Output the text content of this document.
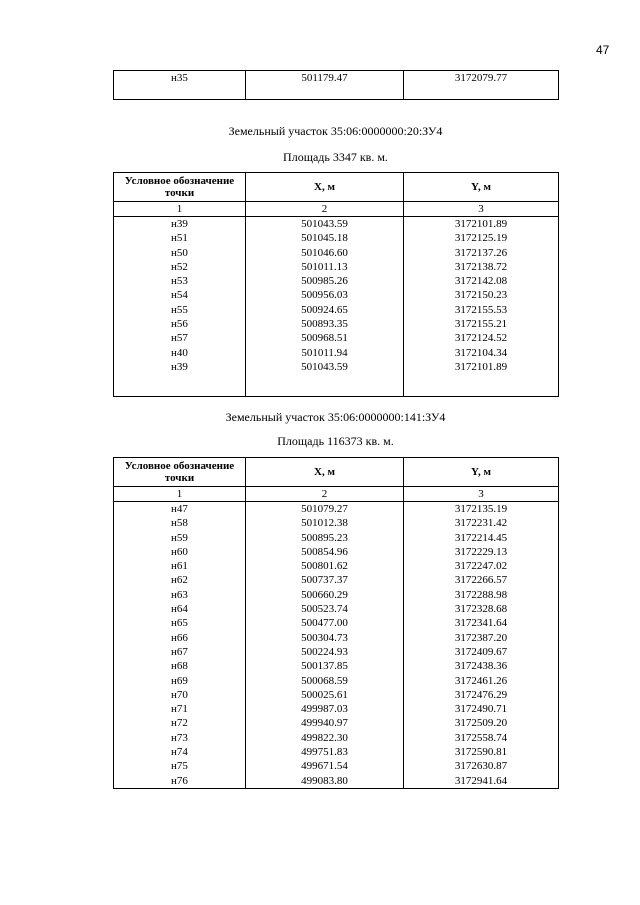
47
н35	501179.47	3172079.77
Земельный участок 35:06:0000000:20:ЗУ4
Площадь 3347 кв. м.
Условное обозначение точки	X, м	Y, м
1	2	3
н39	501043.59	3172101.89
н51	501045.18	3172125.19
н50	501046.60	3172137.26
н52	501011.13	3172138.72
н53	500985.26	3172142.08
н54	500956.03	3172150.23
н55	500924.65	3172155.53
н56	500893.35	3172155.21
н57	500968.51	3172124.52
н40	501011.94	3172104.34
н39	501043.59	3172101.89

Земельный участок 35:06:0000000:141:ЗУ4
Площадь 116373 кв. м.
Условное обозначение точки	X, м	Y, м
1	2	3
н47	501079.27	3172135.19
н58	501012.38	3172231.42
н59	500895.23	3172214.45
н60	500854.96	3172229.13
н61	500801.62	3172247.02
н62	500737.37	3172266.57
н63	500660.29	3172288.98
н64	500523.74	3172328.68
н65	500477.00	3172341.64
н66	500304.73	3172387.20
н67	500224.93	3172409.67
н68	500137.85	3172438.36
н69	500068.59	3172461.26
н70	500025.61	3172476.29
н71	499987.03	3172490.71
н72	499940.97	3172509.20
н73	499822.30	3172558.74
н74	499751.83	3172590.81
н75	499671.54	3172630.87
н76	499083.80	3172941.64
